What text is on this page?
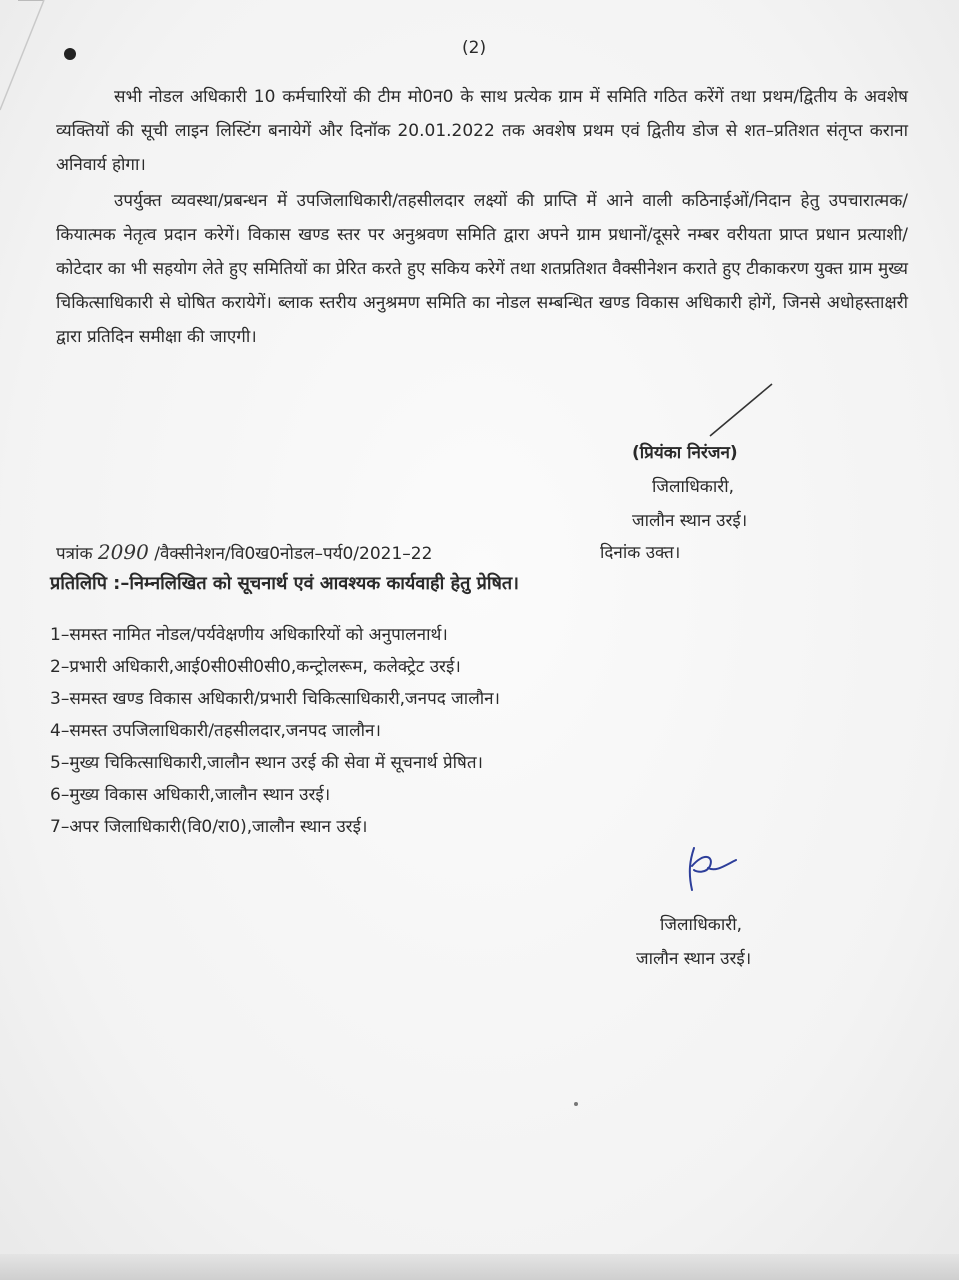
(2)

सभी नोडल अधिकारी 10 कर्मचारियों की टीम मो0न0 के साथ प्रत्येक ग्राम में समिति गठित करेंगें तथा प्रथम/द्वितीय के अवशेष व्यक्तियों की सूची लाइन लिस्टिंग बनायेगें और दिनॉक 20.01.2022 तक अवशेष प्रथम एवं द्वितीय डोज से शत–प्रतिशत संतृप्त कराना अनिवार्य होगा।

उपर्युक्त व्यवस्था/प्रबन्धन में उपजिलाधिकारी/तहसीलदार लक्ष्यों की प्राप्ति में आने वाली कठिनाईओं/निदान हेतु उपचारात्मक/कियात्मक नेतृत्व प्रदान करेगें। विकास खण्ड स्तर पर अनुश्रवण समिति द्वारा अपने ग्राम प्रधानों/दूसरे नम्बर वरीयता प्राप्त प्रधान प्रत्याशी/कोटेदार का भी सहयोग लेते हुए समितियों का प्रेरित करते हुए सकिय करेगें तथा शतप्रतिशत वैक्सीनेशन कराते हुए टीकाकरण युक्त ग्राम मुख्य चिकित्साधिकारी से घोषित करायेगें। ब्लाक स्तरीय अनुश्रमण समिति का नोडल सम्बन्धित खण्ड विकास अधिकारी होगें, जिनसे अधोहस्ताक्षरी द्वारा प्रतिदिन समीक्षा की जाएगी।

(प्रियंका निरंजन)
जिलाधिकारी,
जालौन स्थान उरई।
पत्रांक 2090 /वैक्सीनेशन/वि0ख0नोडल–पर्य0/2021–22	दिनांक उक्त।
प्रतिलिपि :–निम्नलिखित को सूचनार्थ एवं आवश्यक कार्यवाही हेतु प्रेषित।
1–समस्त नामित नोडल/पर्यवेक्षणीय अधिकारियों को अनुपालनार्थ।
2–प्रभारी अधिकारी,आई0सी0सी0सी0,कन्ट्रोलरूम, कलेक्ट्रेट उरई।
3–समस्त खण्ड विकास अधिकारी/प्रभारी चिकित्साधिकारी,जनपद जालौन।
4–समस्त उपजिलाधिकारी/तहसीलदार,जनपद जालौन।
5–मुख्य चिकित्साधिकारी,जालौन स्थान उरई की सेवा में सूचनार्थ प्रेषित।
6–मुख्य विकास अधिकारी,जालौन स्थान उरई।
7–अपर जिलाधिकारी(वि0/रा0),जालौन स्थान उरई।
जिलाधिकारी,
जालौन स्थान उरई।
